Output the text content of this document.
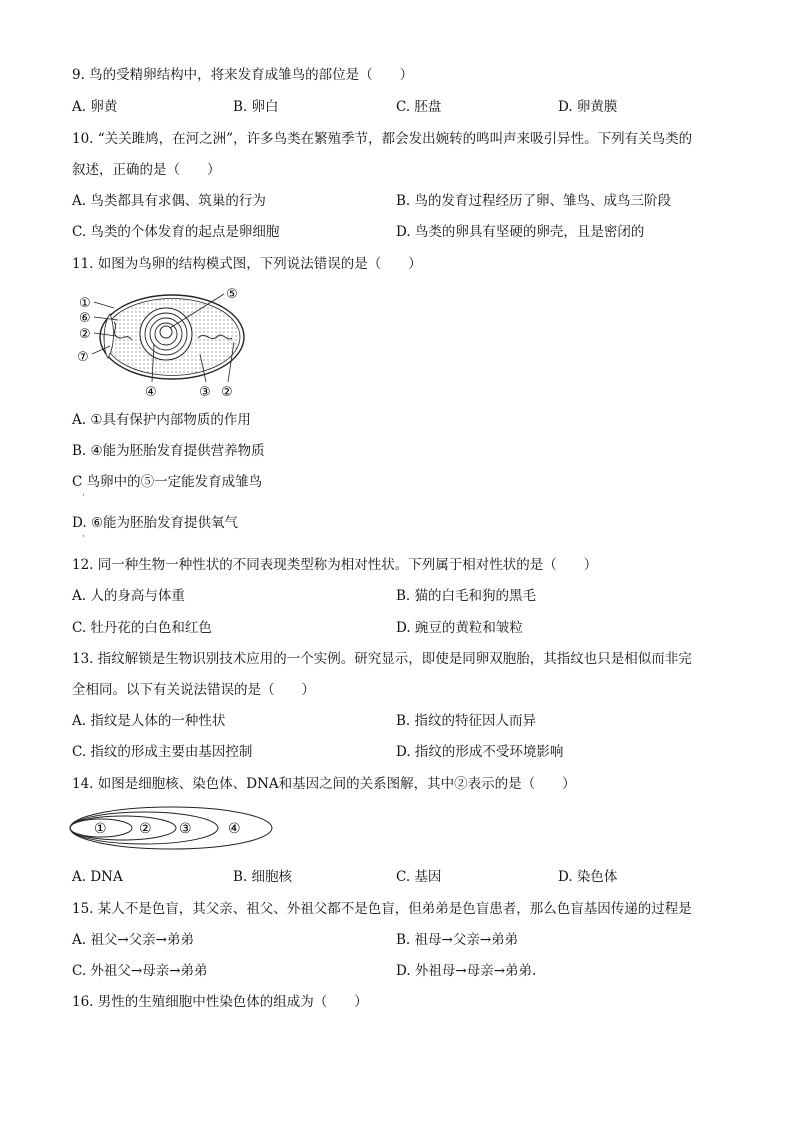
9. 鸟的受精卵结构中，将来发育成雏鸟的部位是（　　）
A. 卵黄	B. 卵白	C. 胚盘	D. 卵黄膜
10. “关关雎鸠，在河之洲”，许多鸟类在繁殖季节，都会发出婉转的鸣叫声来吸引异性。下列有关鸟类的
叙述，正确的是（　　）
A. 鸟类都具有求偶、筑巢的行为	B. 鸟的发育过程经历了卵、雏鸟、成鸟三阶段
C. 鸟类的个体发育的起点是卵细胞	D. 鸟类的卵具有坚硬的卵壳，且是密闭的
11. 如图为鸟卵的结构模式图，下列说法错误的是（　　）
①
⑥
②
⑦
⑤
④	③ ②
A. ①具有保护内部物质的作用
B. ④能为胚胎发育提供营养物质
C 鸟卵中的⑤一定能发育成雏鸟
·
D. ⑥能为胚胎发育提供氧气
·
12. 同一种生物一种性状的不同表现类型称为相对性状。下列属于相对性状的是（　　）
A. 人的身高与体重	B. 猫的白毛和狗的黑毛
C. 牡丹花的白色和红色	D. 豌豆的黄粒和皱粒
13. 指纹解锁是生物识别技术应用的一个实例。研究显示，即使是同卵双胞胎，其指纹也只是相似而非完
全相同。以下有关说法错误的是（　　）
A. 指纹是人体的一种性状	B. 指纹的特征因人而异
C. 指纹的形成主要由基因控制	D. 指纹的形成不受环境影响
14. 如图是细胞核、染色体、DNA和基因之间的关系图解，其中②表示的是（　　）
① ② ③	④
A. DNA	B. 细胞核	C. 基因	D. 染色体
15. 某人不是色盲，其父亲、祖父、外祖父都不是色盲，但弟弟是色盲患者，那么色盲基因传递的过程是
A. 祖父→父亲→弟弟	B. 祖母→父亲→弟弟
C. 外祖父→母亲→弟弟	D. 外祖母→母亲→弟弟.
16. 男性的生殖细胞中性染色体的组成为（　　）
